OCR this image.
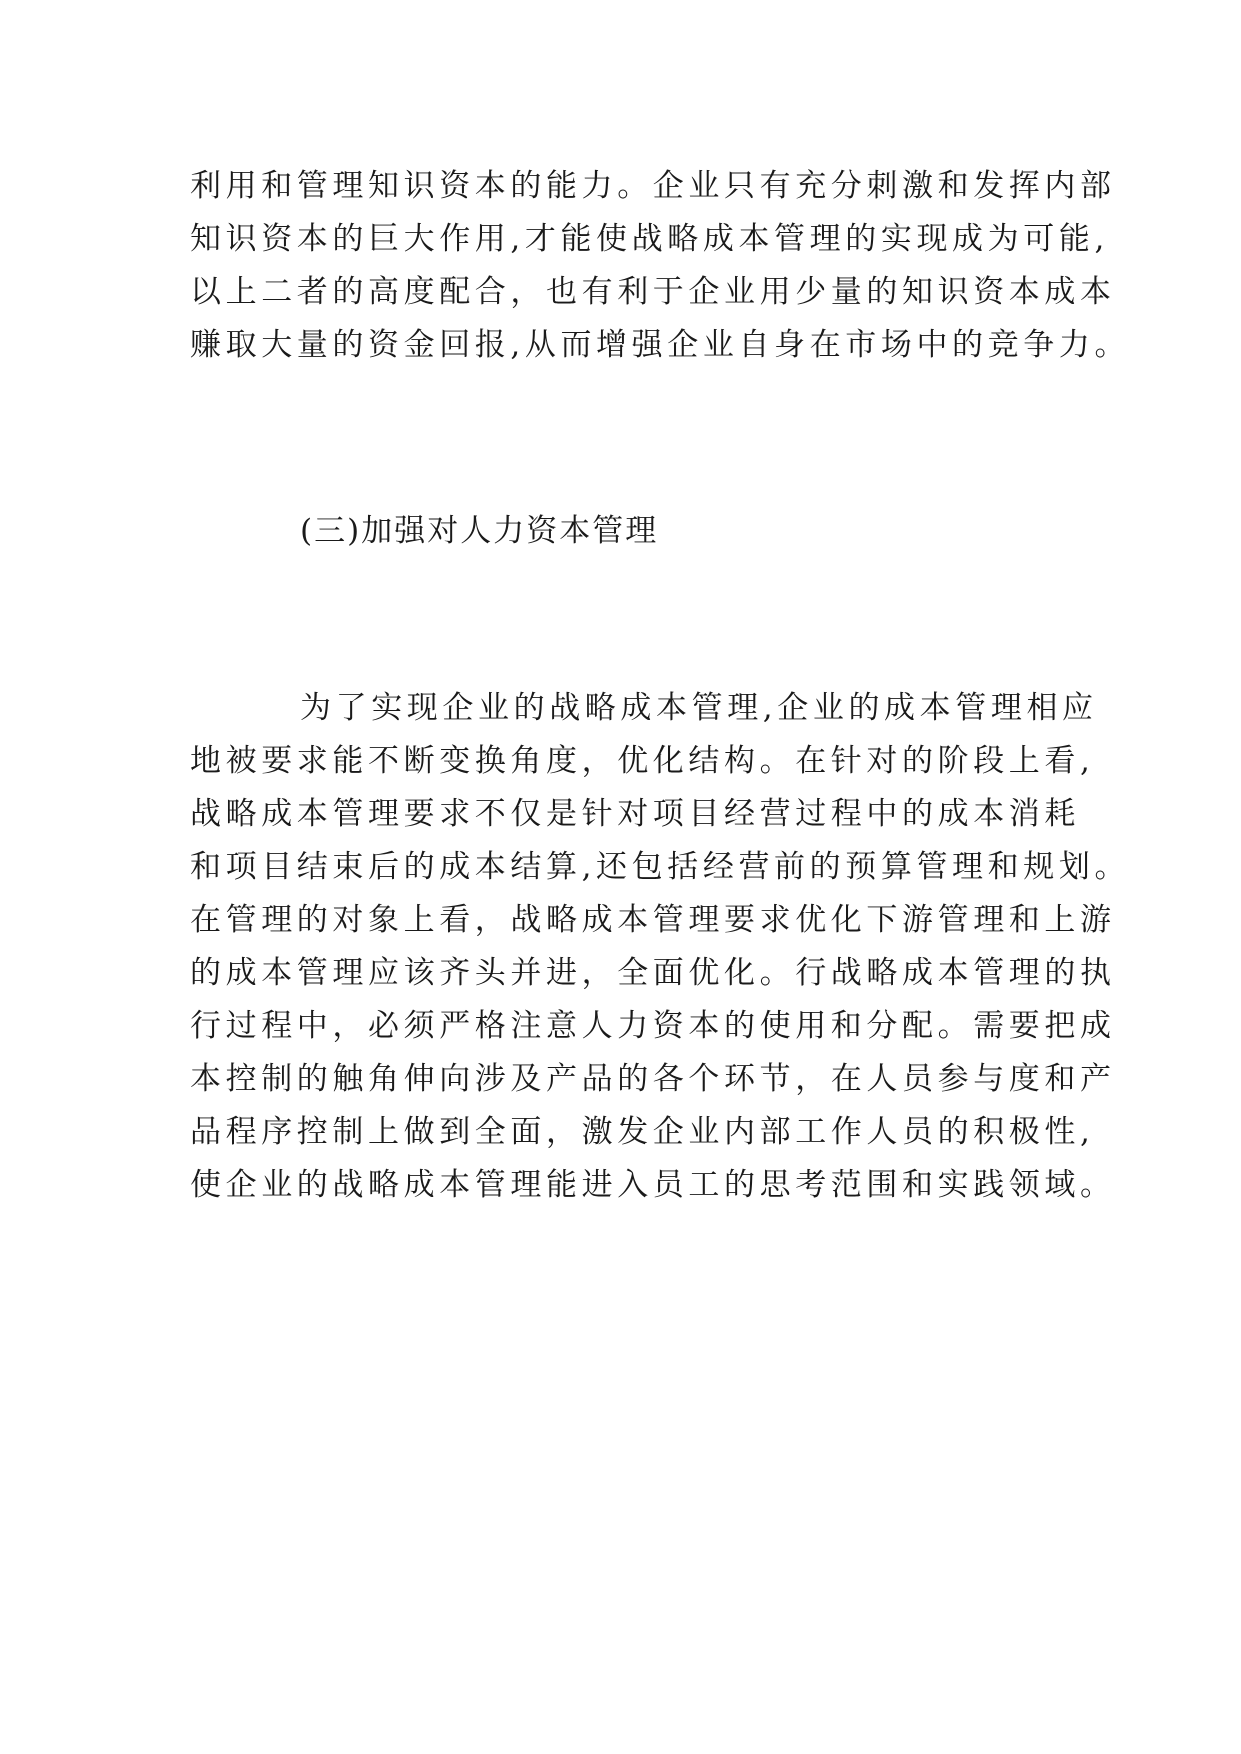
利用和管理知识资本的能力。企业只有充分刺激和发挥内部
知识资本的巨大作用,才能使战略成本管理的实现成为可能,
以上二者的高度配合，也有利于企业用少量的知识资本成本
赚取大量的资金回报,从而增强企业自身在市场中的竞争力。
(三)加强对人力资本管理
为了实现企业的战略成本管理,企业的成本管理相应
地被要求能不断变换角度，优化结构。在针对的阶段上看,
战略成本管理要求不仅是针对项目经营过程中的成本消耗
和项目结束后的成本结算,还包括经营前的预算管理和规划。
在管理的对象上看，战略成本管理要求优化下游管理和上游
的成本管理应该齐头并进，全面优化。行战略成本管理的执
行过程中，必须严格注意人力资本的使用和分配。需要把成
本控制的触角伸向涉及产品的各个环节，在人员参与度和产
品程序控制上做到全面，激发企业内部工作人员的积极性,
使企业的战略成本管理能进入员工的思考范围和实践领域。
